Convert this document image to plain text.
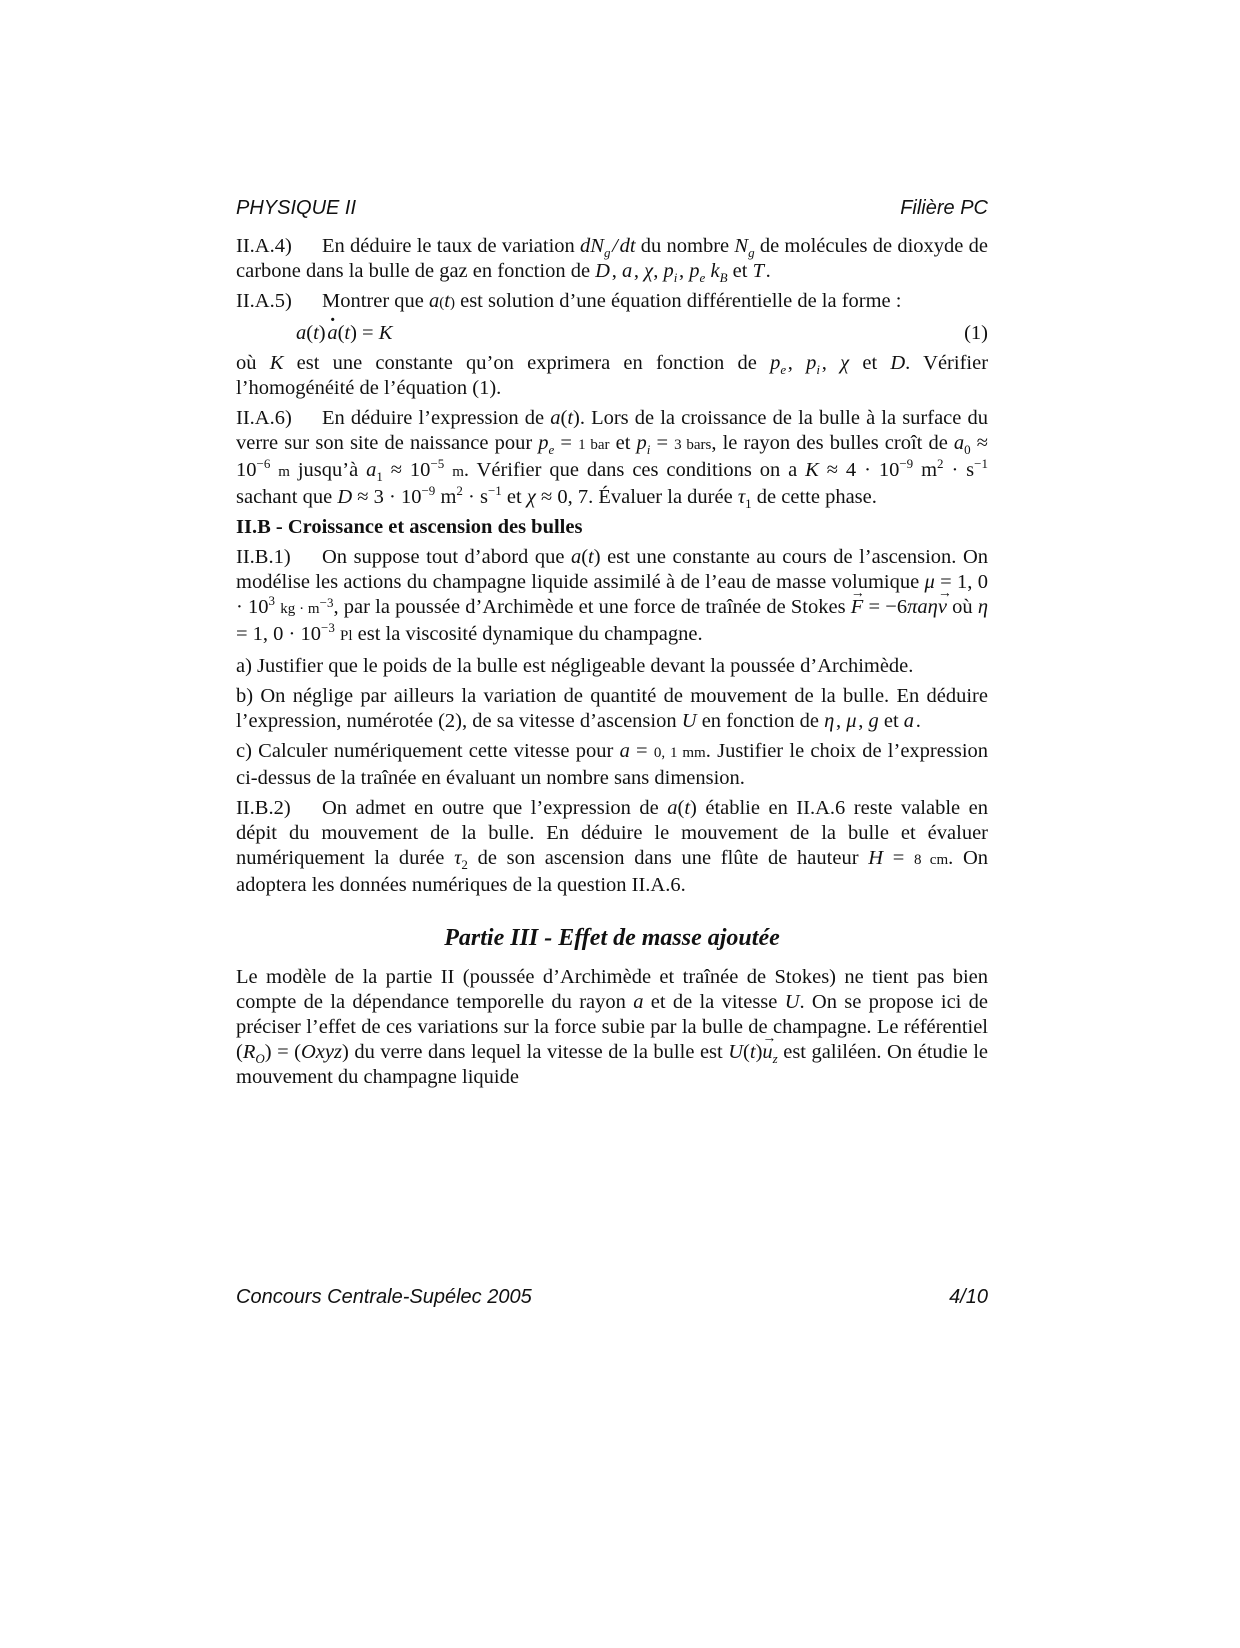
PHYSIQUE II	Filière PC

II.A.4) En déduire le taux de variation $dN_g$ / dt du nombre $N_g$ de molécules de dioxyde de carbone dans la bulle de gaz en fonction de D , a , χ, $p_i$ , $p_e$ $k_B$ et T .

II.A.5) Montrer que a(t) est solution d’une équation différentielle de la forme :

a (t) · a(t) = K	(1)

où K est une constante qu’on exprimera en fonction de $p_e$ , $p_i$ , χ et D. Vérifier l’homogénéité de l’équation (1).

II.A.6) En déduire l’expression de a(t). Lors de la croissance de la bulle à la surface du verre sur son site de naissance pour $p_e = 1$ bar et $p_i = 3$ bars, le rayon des bulles croît de $a_0 \approx 10^{-6}$ m jusqu’à $a_1 \approx 10^{-5}$ m. Vérifier que dans ces conditions on a $K \approx 4 \cdot 10^{-9}$ $m^2 \cdot s^{-1}$ sachant que $D \approx 3 \cdot 10^{-9}$ $m^2 \cdot s^{-1}$ et χ ≈ 0, 7. Évaluer la durée $\tau_1$ de cette phase.

II.B - Croissance et ascension des bulles

II.B.1) On suppose tout d’abord que a(t) est une constante au cours de l’ascension. On modélise les actions du champagne liquide assimilé à de l’eau de masse volumique μ = 1, $0 \cdot 10^3$ kg · $m^{-3}$, par la poussée d’Archimède et une force de traînée de Stokes → F = −6πaη→ v où η = 1, $0 \cdot 10^{-3}$ Pl est la viscosité dynamique du champagne.

a) Justifier que le poids de la bulle est négligeable devant la poussée d’Archimède.

b) On néglige par ailleurs la variation de quantité de mouvement de la bulle. En déduire l’expression, numérotée (2), de sa vitesse d’ascension U en fonction de η , μ , g et a .

c) Calculer numériquement cette vitesse pour a = 0, 1 mm. Justifier le choix de l’expression ci-dessus de la traînée en évaluant un nombre sans dimension.

II.B.2) On admet en outre que l’expression de a(t) établie en II.A.6 reste valable en dépit du mouvement de la bulle. En déduire le mouvement de la bulle et évaluer numériquement la durée $\tau_2$ de son ascension dans une flûte de hauteur H = 8 cm. On adoptera les données numériques de la question II.A.6.

Partie III - Effet de masse ajoutée

Le modèle de la partie II (poussée d’Archimède et traînée de Stokes) ne tient pas bien compte de la dépendance temporelle du rayon a et de la vitesse U. On se propose ici de préciser l’effet de ces variations sur la force subie par la bulle de champagne. Le référentiel $(R_O)$ = (Oxyz) du verre dans lequel la vitesse de la bulle est $U(t)\to u_z$ est galiléen. On étudie le mouvement du champagne liquide

Concours Centrale-Supélec 2005	4/10
